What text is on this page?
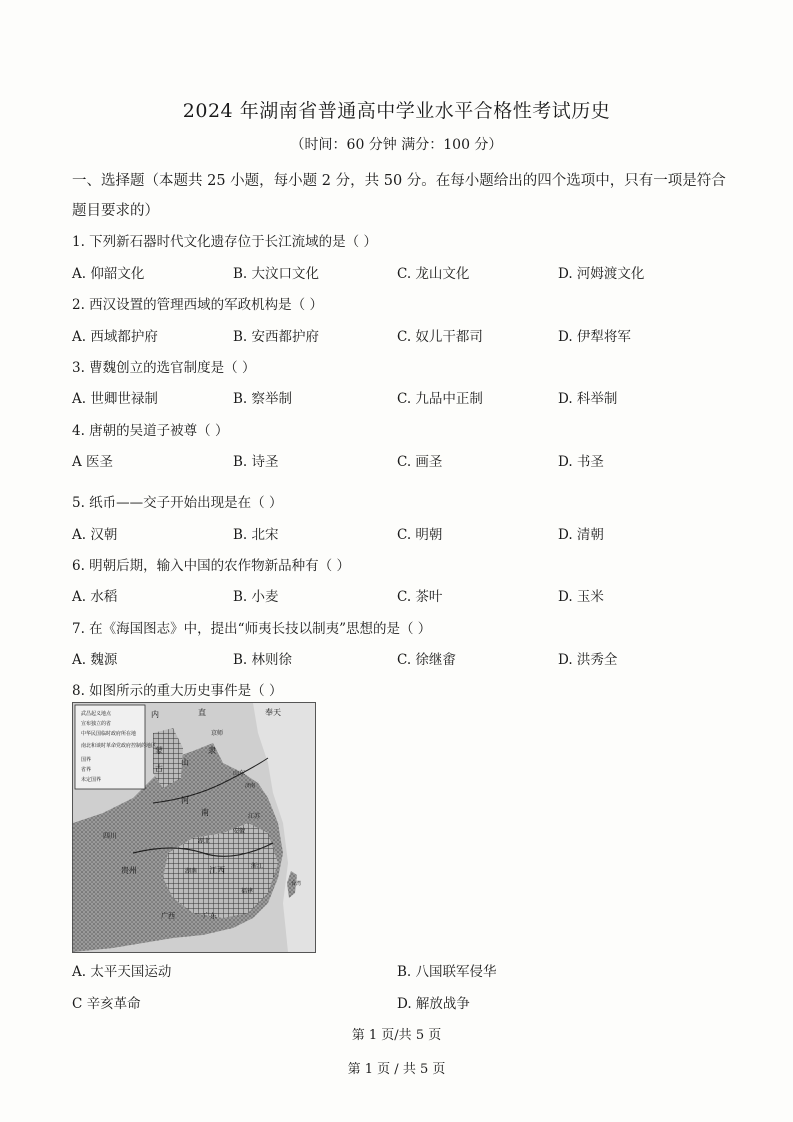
2024 年湖南省普通高中学业水平合格性考试历史
（时间：60 分钟 满分：100 分）
一、选择题（本题共 25 小题，每小题 2 分，共 50 分。在每小题给出的四个选项中，只有一项是符合题目要求的）
1. 下列新石器时代文化遗存位于长江流域的是（ ）
A. 仰韶文化	B. 大汶口文化	C. 龙山文化	D. 河姆渡文化
2. 西汉设置的管理西域的军政机构是（ ）
A. 西域都护府	B. 安西都护府	C. 奴儿干都司	D. 伊犁将军
3. 曹魏创立的选官制度是（ ）
A. 世卿世禄制	B. 察举制	C. 九品中正制	D. 科举制
4. 唐朝的吴道子被尊（ ）
A 医圣	B. 诗圣	C. 画圣	D. 书圣
5. 纸币——交子开始出现是在（ ）
A. 汉朝	B. 北宋	C. 明朝	D. 清朝
6. 明朝后期，输入中国的农作物新品种有（ ）
A. 水稻	B. 小麦	C. 茶叶	D. 玉米
7. 在《海国图志》中，提出“师夷长技以制夷”思想的是（ ）
A. 魏源	B. 林则徐	C. 徐继畬	D. 洪秀全
8. 如图所示的重大历史事件是（ ）
武昌起义地点
宣布独立的省
中华民国临时政府所在地
南北和谈时革命党政府控制的地区
国界
省界
未定国界
内
蒙
古
直
京师
奉天
隶
山
山东
济南
河
南
湖北
江苏
安徽
湖南 江西	浙江
贵州
福建
广东
广西
台湾
四川
A. 太平天国运动	B. 八国联军侵华
C 辛亥革命	D. 解放战争
第 1 页/共 5 页
第 1 页 / 共 5 页
